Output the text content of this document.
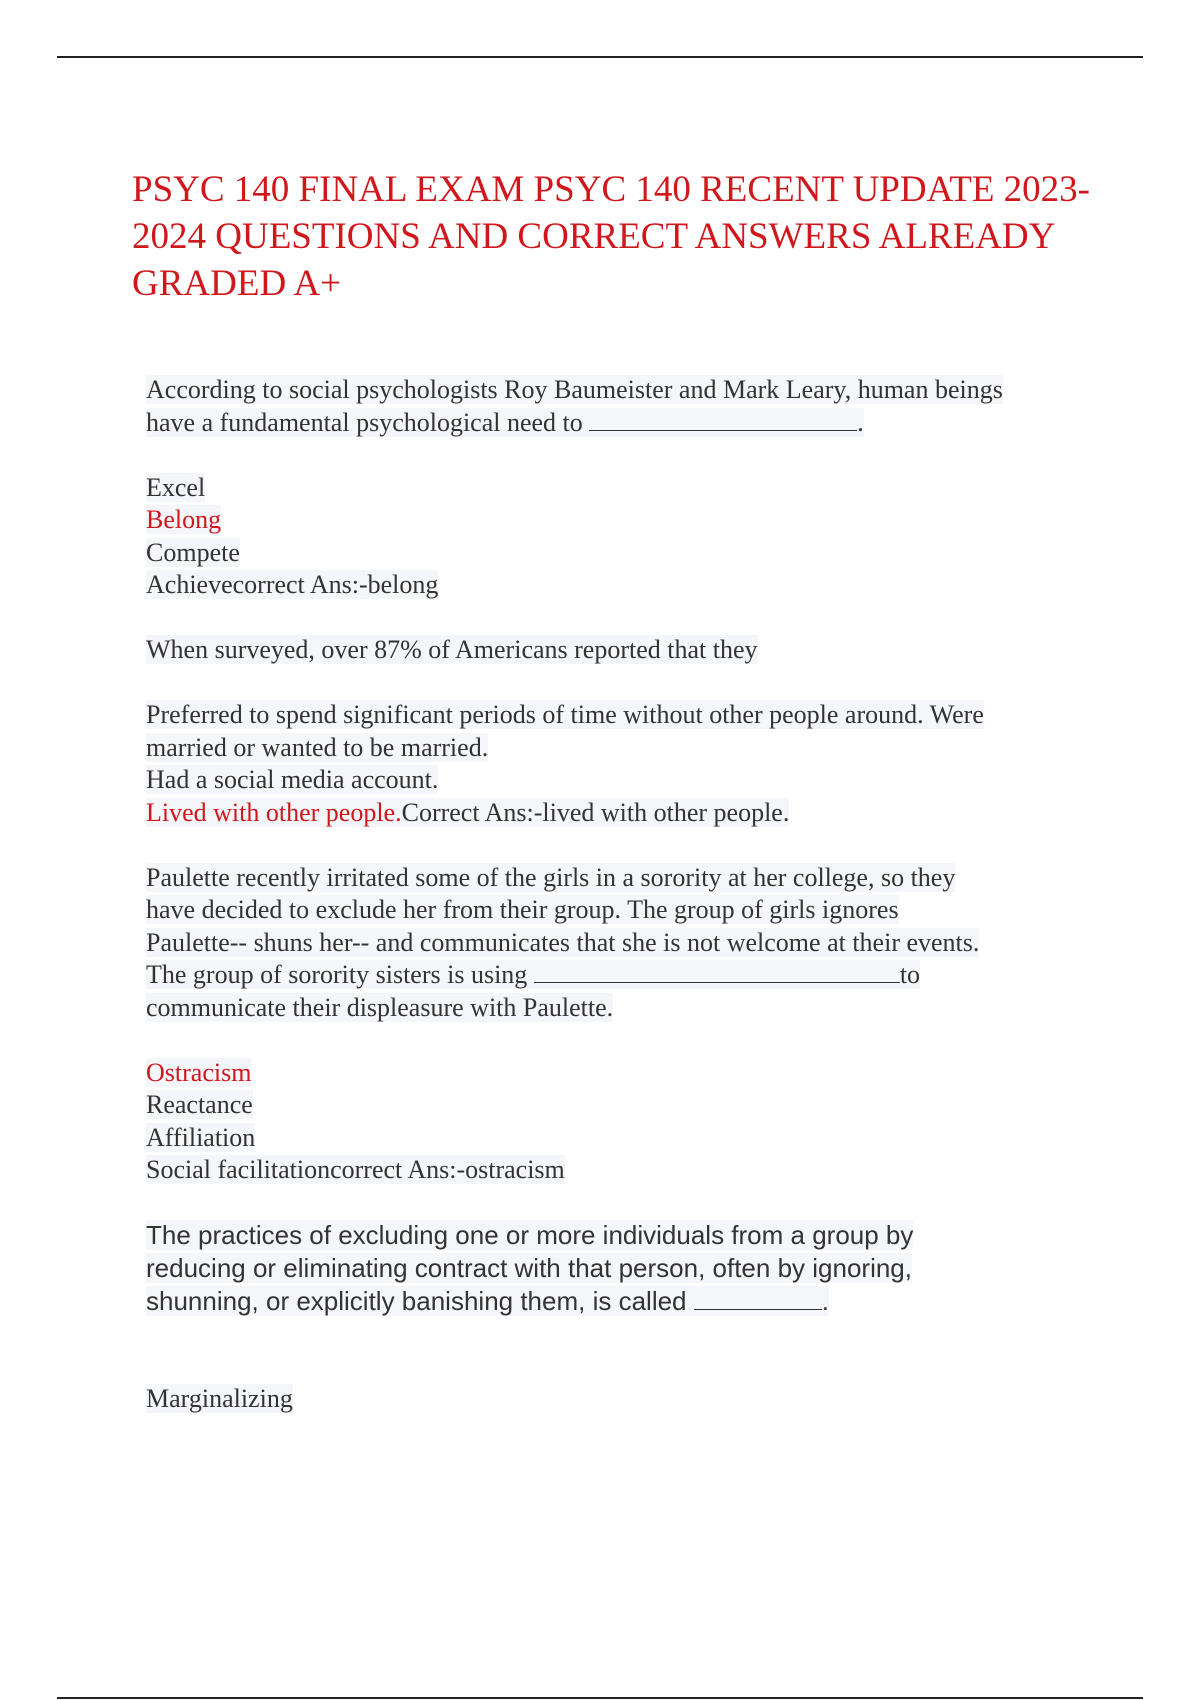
PSYC 140 FINAL EXAM PSYC 140 RECENT UPDATE 2023-2024 QUESTIONS AND CORRECT ANSWERS ALREADY GRADED A+

According to social psychologists Roy Baumeister and Mark Leary, human beings

have a fundamental psychological need to	.

Excel

Belong

Compete

Achievecorrect Ans:-belong

When surveyed, over 87% of Americans reported that they

Preferred to spend significant periods of time without other people around. Were

married or wanted to be married.

Had a social media account.

Lived with other people.Correct Ans:-lived with other people.

Paulette recently irritated some of the girls in a sorority at her college, so they

have decided to exclude her from their group. The group of girls ignores

Paulette-- shuns her-- and communicates that she is not welcome at their events.

The group of sorority sisters is using	to

communicate their displeasure with Paulette.

Ostracism

Reactance

Affiliation

Social facilitationcorrect Ans:-ostracism

The practices of excluding one or more individuals from a group by

reducing or eliminating contract with that person, often by ignoring,

shunning, or explicitly banishing them, is called	.

Marginalizing
